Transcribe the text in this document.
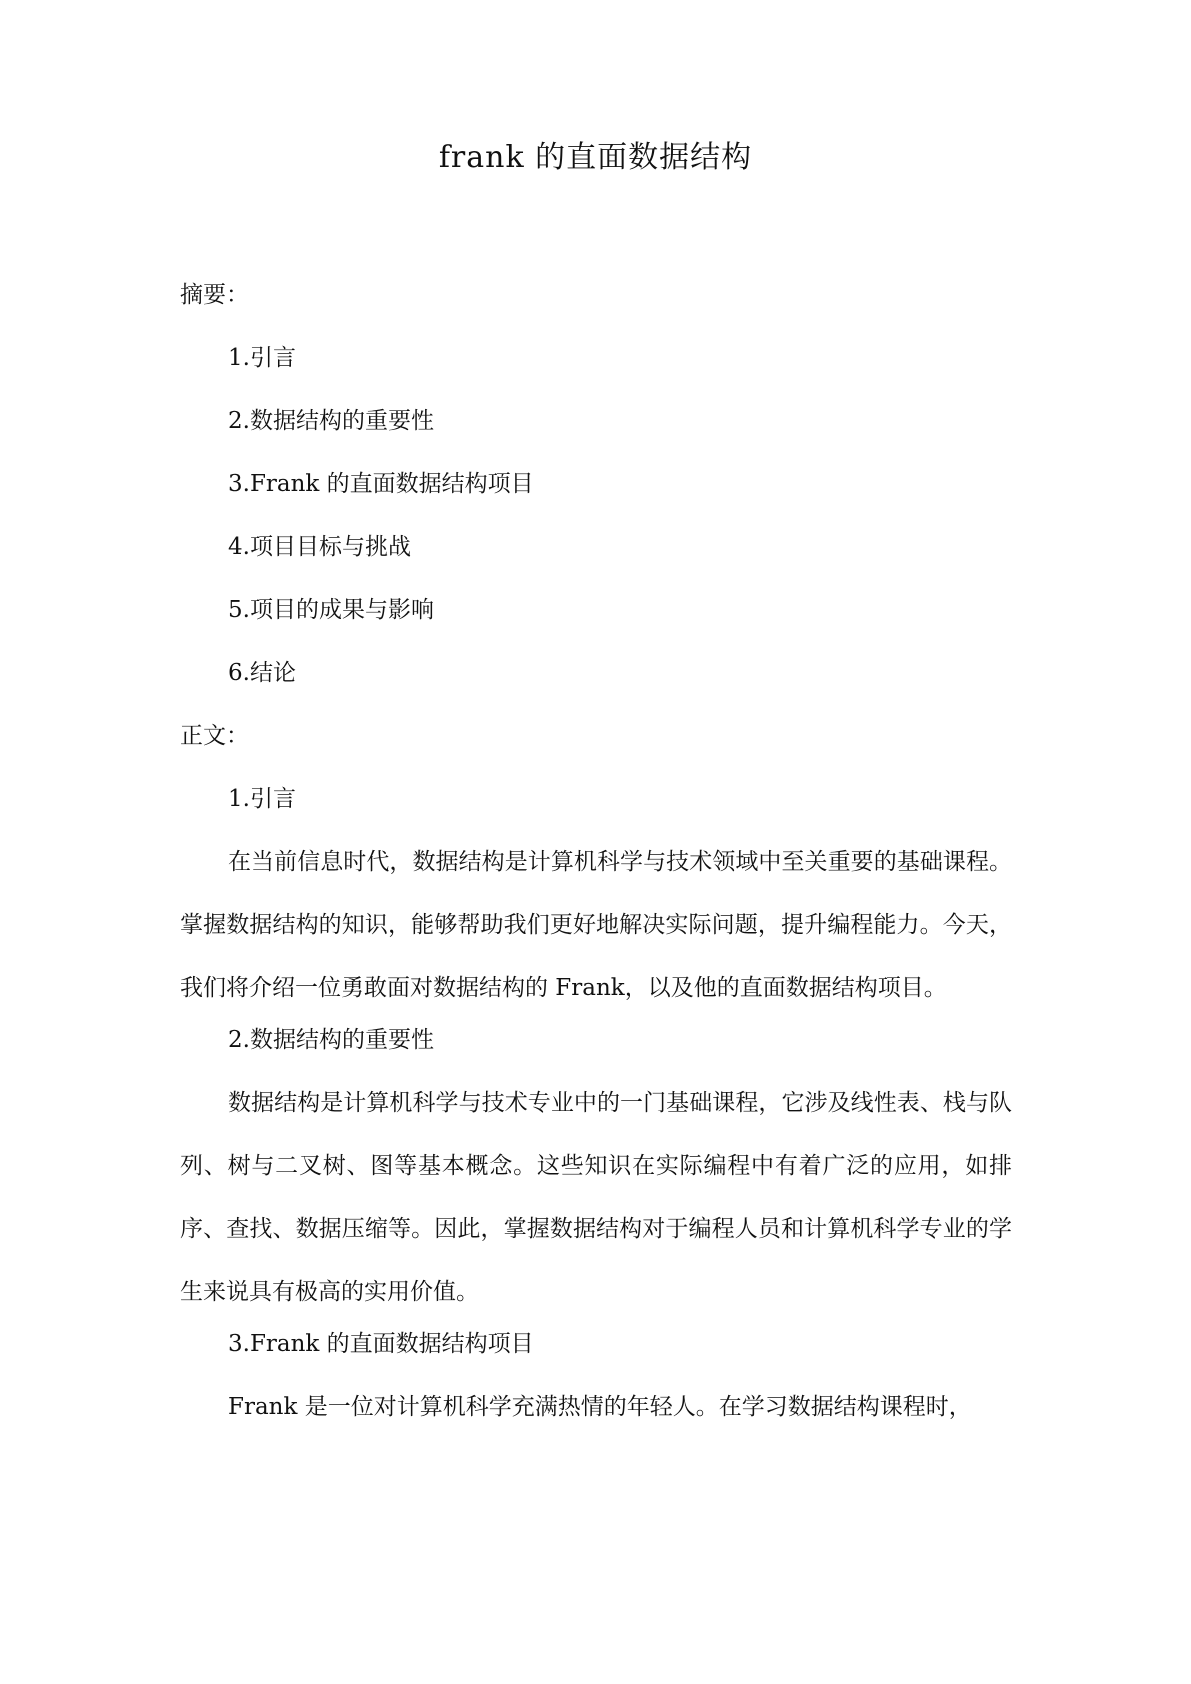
frank 的直面数据结构
摘要：
1.引言
2.数据结构的重要性
3.Frank 的直面数据结构项目
4.项目目标与挑战
5.项目的成果与影响
6.结论
正文：
1.引言

在当前信息时代，数据结构是计算机科学与技术领域中至关重要的基础课程。掌握数据结构的知识，能够帮助我们更好地解决实际问题，提升编程能力。今天，我们将介绍一位勇敢面对数据结构的 Frank，以及他的直面数据结构项目。

2.数据结构的重要性

数据结构是计算机科学与技术专业中的一门基础课程，它涉及线性表、栈与队列、树与二叉树、图等基本概念。这些知识在实际编程中有着广泛的应用，如排序、查找、数据压缩等。因此，掌握数据结构对于编程人员和计算机科学专业的学生来说具有极高的实用价值。

3.Frank 的直面数据结构项目

Frank 是一位对计算机科学充满热情的年轻人。在学习数据结构课程时，
